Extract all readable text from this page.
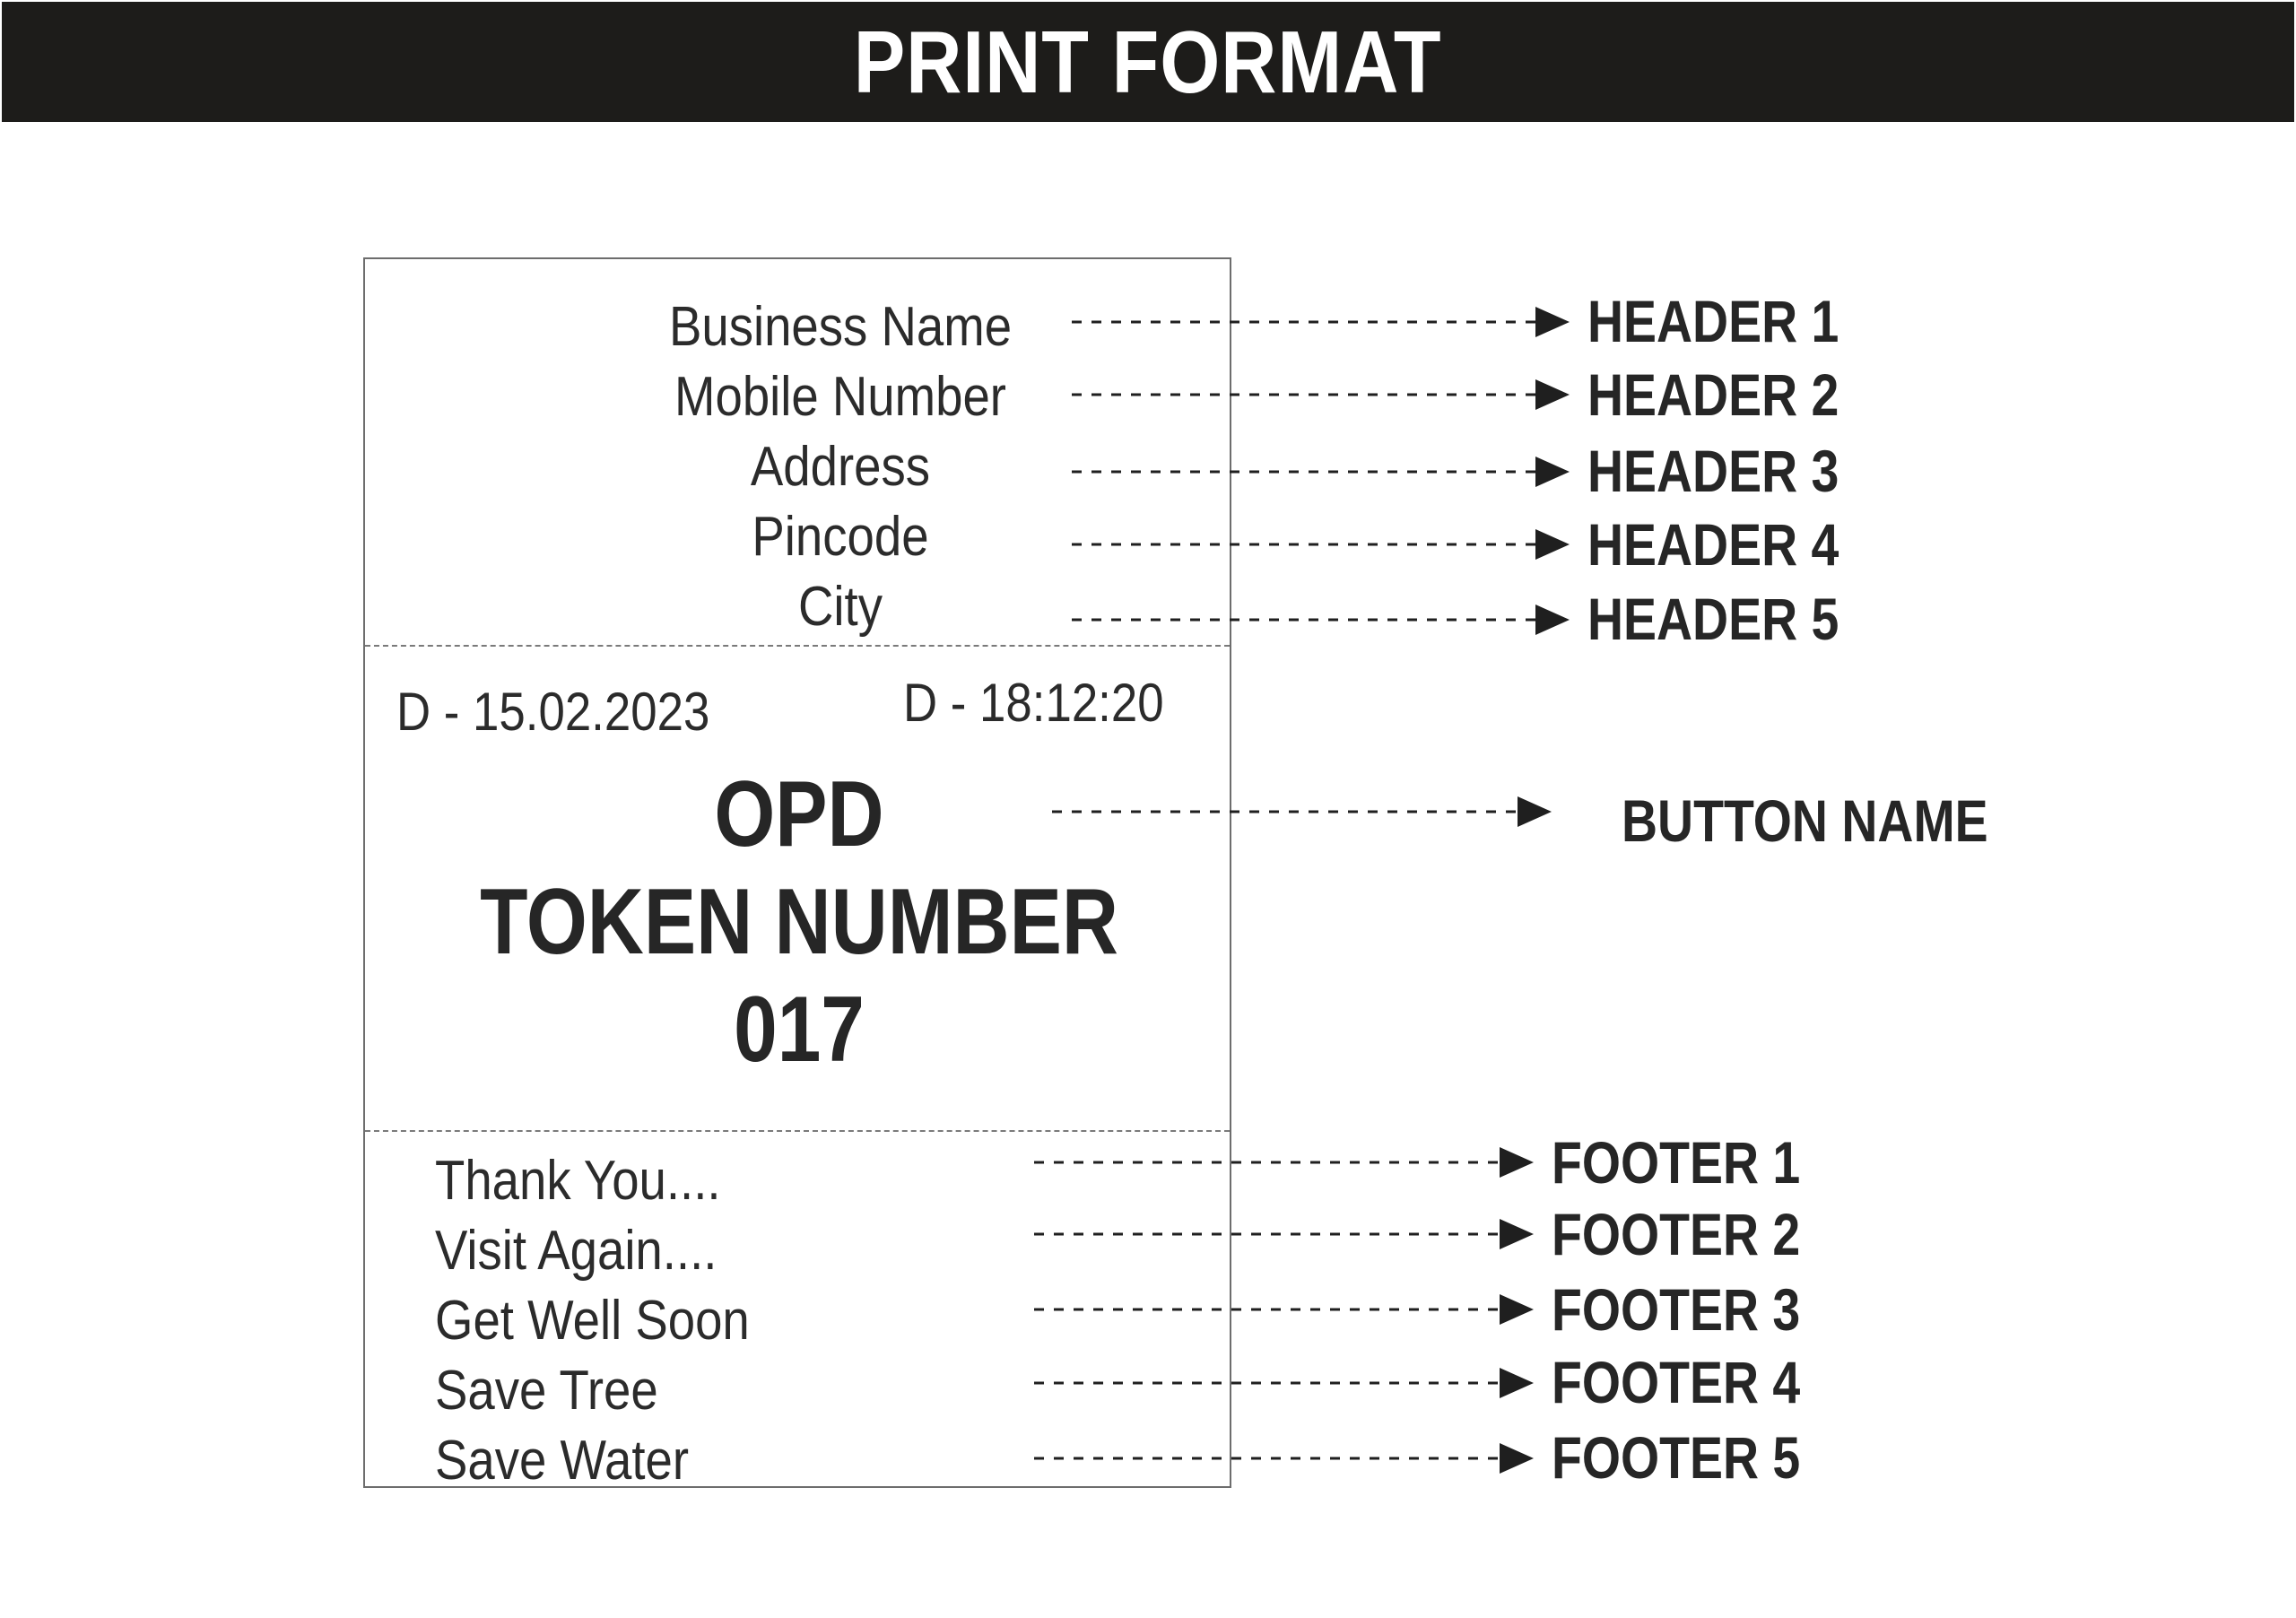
PRINT FORMAT
Business Name
Mobile Number
Address
Pincode
City
D - 15.02.2023	D - 18:12:20
OPD
TOKEN NUMBER
017
Thank You....
Visit Again....
Get Well Soon
Save Tree
Save Water
HEADER 1
HEADER 2
HEADER 3
HEADER 4
HEADER 5
BUTTON NAME
FOOTER 1
FOOTER 2
FOOTER 3
FOOTER 4
FOOTER 5
